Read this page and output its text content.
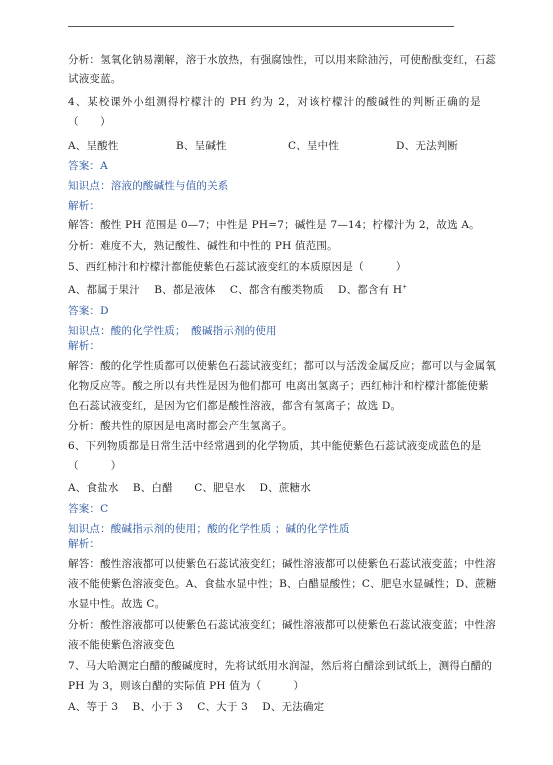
分析：氢氧化钠易潮解，溶于水放热，有强腐蚀性，可以用来除油污，可使酚酞变红，石蕊
试液变蓝。
4、某校课外小组测得柠檬汁的 PH 约为 2，对该柠檬汁的酸碱性的判断正确的是
（　　）
A、呈酸性	B、呈碱性	C、呈中性	D、无法判断
答案：A
知识点：溶液的酸碱性与值的关系
解析：
解答：酸性 PH 范围是 0—7；中性是 PH=7；碱性是 7—14；柠檬汁为 2，故选 A。
分析：难度不大，熟记酸性、碱性和中性的 PH 值范围。
5、西红柿汁和柠檬汁都能使紫色石蕊试液变红的本质原因是（　　　）
A、都属于果汁　 B、都是液体　 C、都含有酸类物质　 D、都含有 H+
答案：D
知识点：酸的化学性质；　酸碱指示剂的使用
解析：
解答：酸的化学性质都可以使紫色石蕊试液变红；都可以与活泼金属反应；都可以与金属氧
化物反应等。酸之所以有共性是因为他们都可 电离出氢离子；西红柿汁和柠檬汁都能使紫
色石蕊试液变红，是因为它们都是酸性溶液，都含有氢离子；故选 D。
分析：酸共性的原因是电离时都会产生氢离子。
6、下列物质都是日常生活中经常遇到的化学物质，其中能使紫色石蕊试液变成蓝色的是
（　　　）
A、食盐水　 B、白醋　　C、肥皂水　 D、蔗糖水
答案：C
知识点：酸碱指示剂的使用；酸的化学性质 ；碱的化学性质
解析：
解答：酸性溶液都可以使紫色石蕊试液变红；碱性溶液都可以使紫色石蕊试液变蓝；中性溶
液不能使紫色溶液变色。A、食盐水显中性；B、白醋显酸性；C、肥皂水显碱性；D、蔗糖
水显中性。故选 C。
分析：酸性溶液都可以使紫色石蕊试液变红；碱性溶液都可以使紫色石蕊试液变蓝；中性溶
液不能使紫色溶液变色
7、马大哈测定白醋的酸碱度时，先将试纸用水润湿，然后将白醋涂到试纸上，测得白醋的
PH 为 3，则该白醋的实际值 PH 值为（　　　）
A、等于 3　 B、小于 3　 C、大于 3　 D、无法确定
